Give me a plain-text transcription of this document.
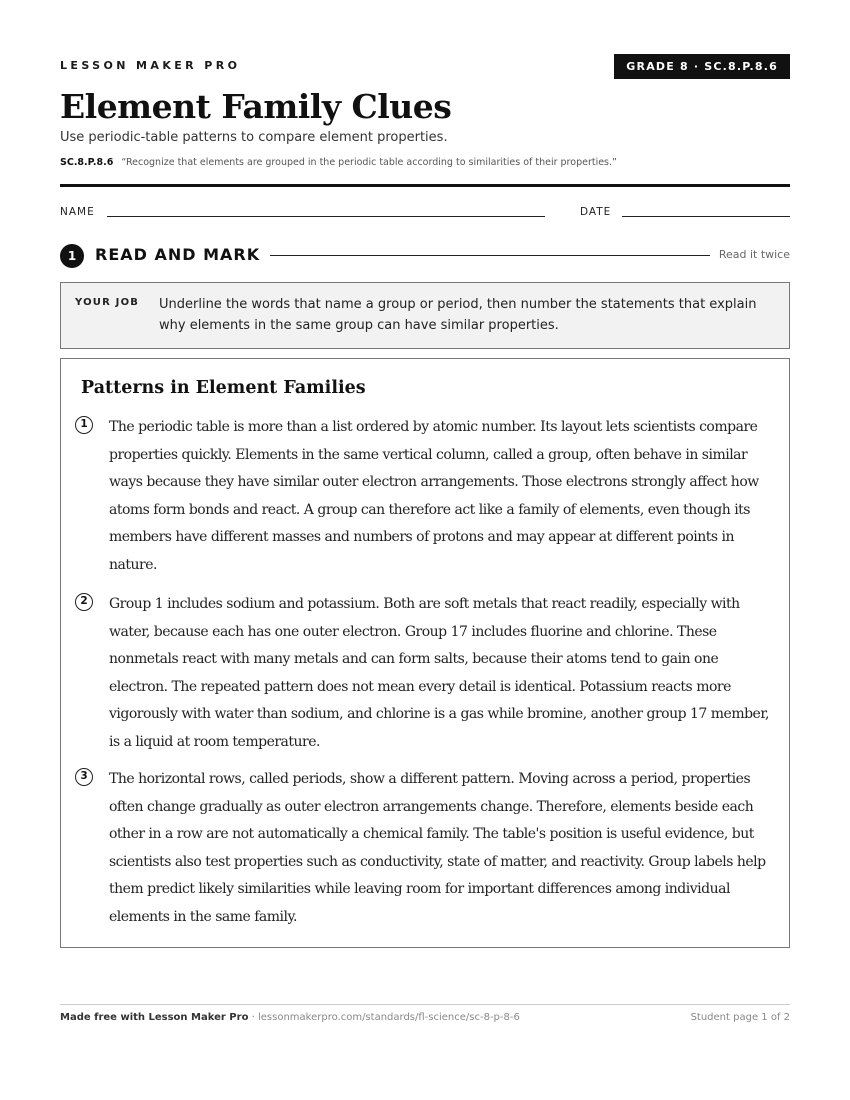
LESSON MAKER PRO	GRADE 8 · SC.8.P.8.6
Element Family Clues
Use periodic-table patterns to compare element properties.
SC.8.P.8.6 “Recognize that elements are grouped in the periodic table according to similarities of their properties.”
NAME	DATE
1	READ AND MARK	Read it twice
YOUR JOB Underline the words that name a group or period, then number the statements that explain why elements in the same group can have similar properties.
Patterns in Element Families
1	The periodic table is more than a list ordered by atomic number. Its layout lets scientists compare properties quickly. Elements in the same vertical column, called a group, often behave in similar ways because they have similar outer electron arrangements. Those electrons strongly affect how atoms form bonds and react. A group can therefore act like a family of elements, even though its members have different masses and numbers of protons and may appear at different points in nature.

2	Group 1 includes sodium and potassium. Both are soft metals that react readily, especially with water, because each has one outer electron. Group 17 includes fluorine and chlorine. These nonmetals react with many metals and can form salts, because their atoms tend to gain one electron. The repeated pattern does not mean every detail is identical. Potassium reacts more vigorously with water than sodium, and chlorine is a gas while bromine, another group 17 member, is a liquid at room temperature.

3	The horizontal rows, called periods, show a different pattern. Moving across a period, properties often change gradually as outer electron arrangements change. Therefore, elements beside each other in a row are not automatically a chemical family. The table's position is useful evidence, but scientists also test properties such as conductivity, state of matter, and reactivity. Group labels help them predict likely similarities while leaving room for important differences among individual elements in the same family.

Made free with Lesson Maker Pro · lessonmakerpro.com/standards/fl-science/sc-8-p-8-6	Student page 1 of 2
